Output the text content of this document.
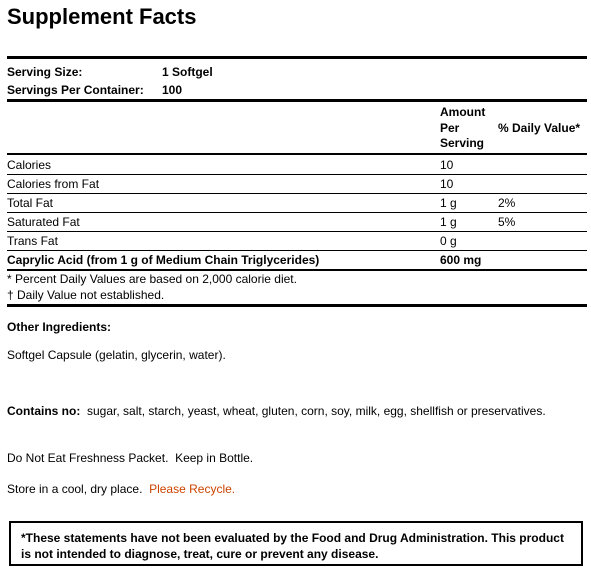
Supplement Facts
Serving Size:	1 Softgel
Servings Per Container: 100
Amount
Per
Serving
% Daily Value*
Calories	10
Calories from Fat	10
Total Fat	1 g	2%
Saturated Fat	1 g	5%
Trans Fat	0 g
Caprylic Acid (from 1 g of Medium Chain Triglycerides)	600 mg
* Percent Daily Values are based on 2,000 calorie diet.
† Daily Value not established.
Other Ingredients:
Softgel Capsule (gelatin, glycerin, water).
Contains no: sugar, salt, starch, yeast, wheat, gluten, corn, soy, milk, egg, shellfish or preservatives.
Do Not Eat Freshness Packet.  Keep in Bottle.
Store in a cool, dry place. Please Recycle.
*These statements have not been evaluated by the Food and Drug Administration. This product is not intended to diagnose, treat, cure or prevent any disease.
